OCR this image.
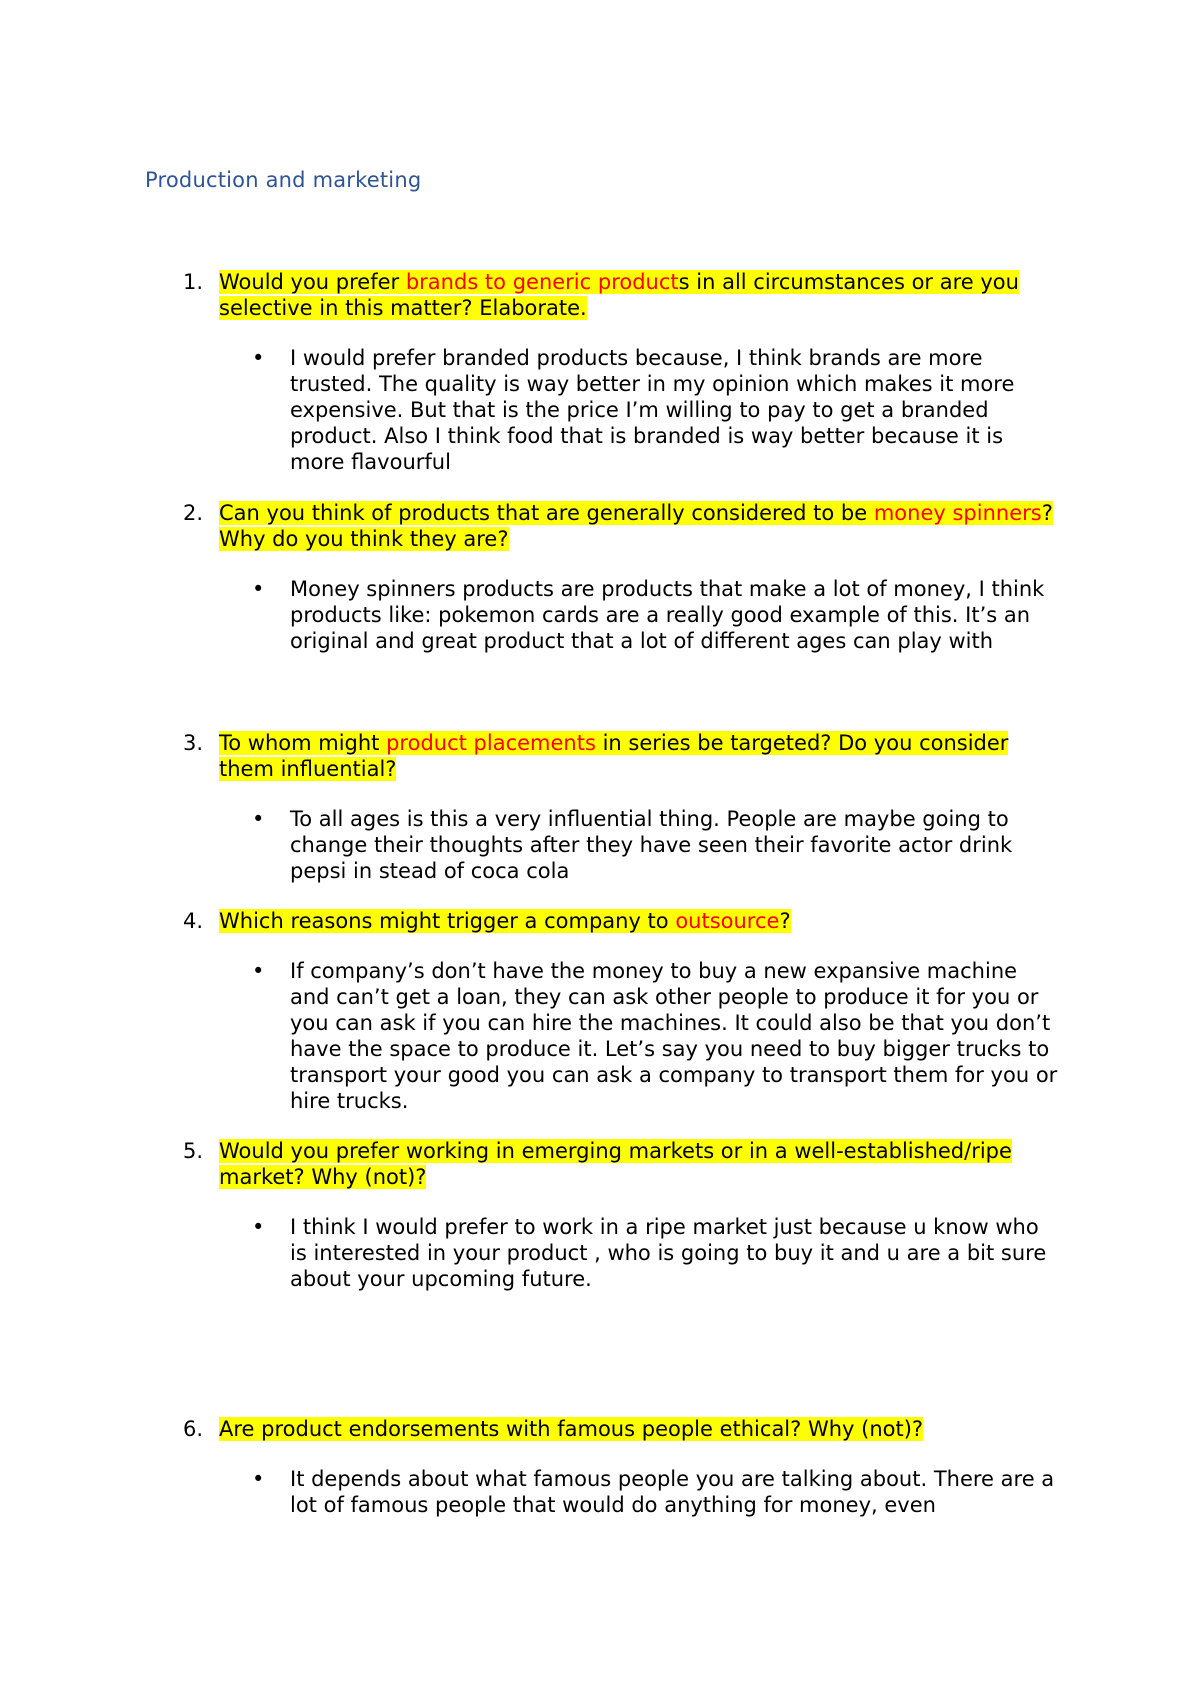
Production and marketing
1. Would you prefer brands to generic products in all circumstances or are you selective in this matter? Elaborate.
• I would prefer branded products because, I think brands are more trusted. The quality is way better in my opinion which makes it more expensive. But that is the price I’m willing to pay to get a branded product. Also I think food that is branded is way better because it is more flavourful
2. Can you think of products that are generally considered to be money spinners? Why do you think they are?
• Money spinners products are products that make a lot of money, I think products like: pokemon cards are a really good example of this. It’s an original and great product that a lot of different ages can play with
3. To whom might product placements in series be targeted? Do you consider them influential?
• To all ages is this a very influential thing. People are maybe going to change their thoughts after they have seen their favorite actor drink pepsi in stead of coca cola
4. Which reasons might trigger a company to outsource?
• If company’s don’t have the money to buy a new expansive machine and can’t get a loan, they can ask other people to produce it for you or you can ask if you can hire the machines. It could also be that you don’t have the space to produce it. Let’s say you need to buy bigger trucks to transport your good you can ask a company to transport them for you or hire trucks.
5. Would you prefer working in emerging markets or in a well-established/ripe market? Why (not)?
• I think I would prefer to work in a ripe market just because u know who is interested in your product , who is going to buy it and u are a bit sure about your upcoming future.
6. Are product endorsements with famous people ethical? Why (not)?
• It depends about what famous people you are talking about. There are a lot of famous people that would do anything for money, even
